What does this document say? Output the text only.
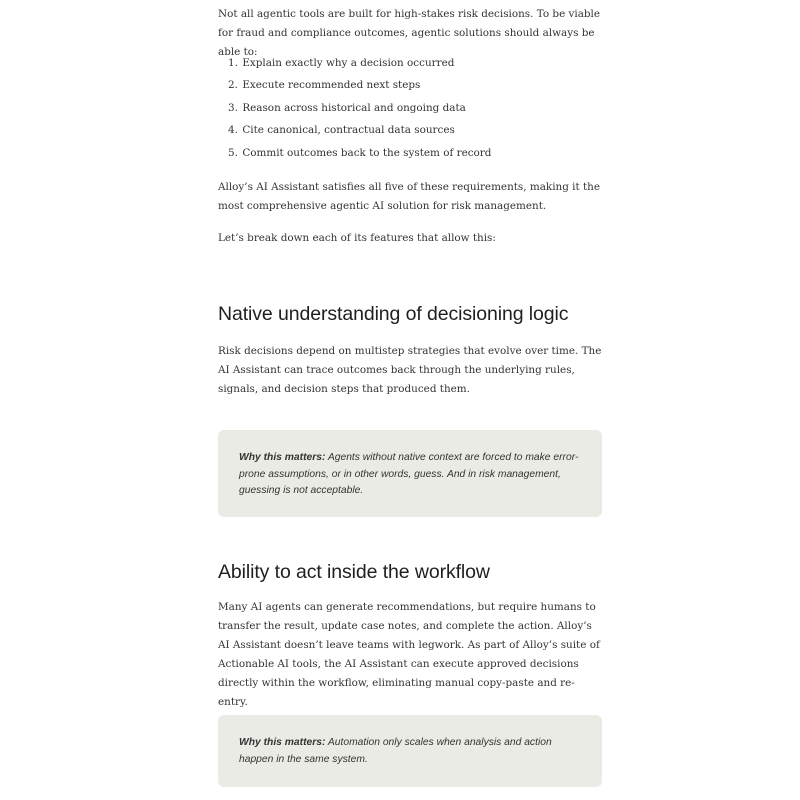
Not all agentic tools are built for high-stakes risk decisions. To be viable for fraud and compliance outcomes, agentic solutions should always be able to:

1. Explain exactly why a decision occurred
2. Execute recommended next steps
3. Reason across historical and ongoing data
4. Cite canonical, contractual data sources
5. Commit outcomes back to the system of record

Alloy’s AI Assistant satisfies all five of these requirements, making it the most comprehensive agentic AI solution for risk management.

Let’s break down each of its features that allow this:

Native understanding of decisioning logic

Risk decisions depend on multistep strategies that evolve over time. The AI Assistant can trace outcomes back through the underlying rules, signals, and decision steps that produced them.

Why this matters: Agents without native context are forced to make error-prone assumptions, or in other words, guess. And in risk management, guessing is not acceptable.

Ability to act inside the workflow

Many AI agents can generate recommendations, but require humans to transfer the result, update case notes, and complete the action. Alloy’s AI Assistant doesn’t leave teams with legwork. As part of Alloy’s suite of Actionable AI tools, the AI Assistant can execute approved decisions directly within the workflow, eliminating manual copy-paste and re-entry.

Why this matters: Automation only scales when analysis and action happen in the same system.
